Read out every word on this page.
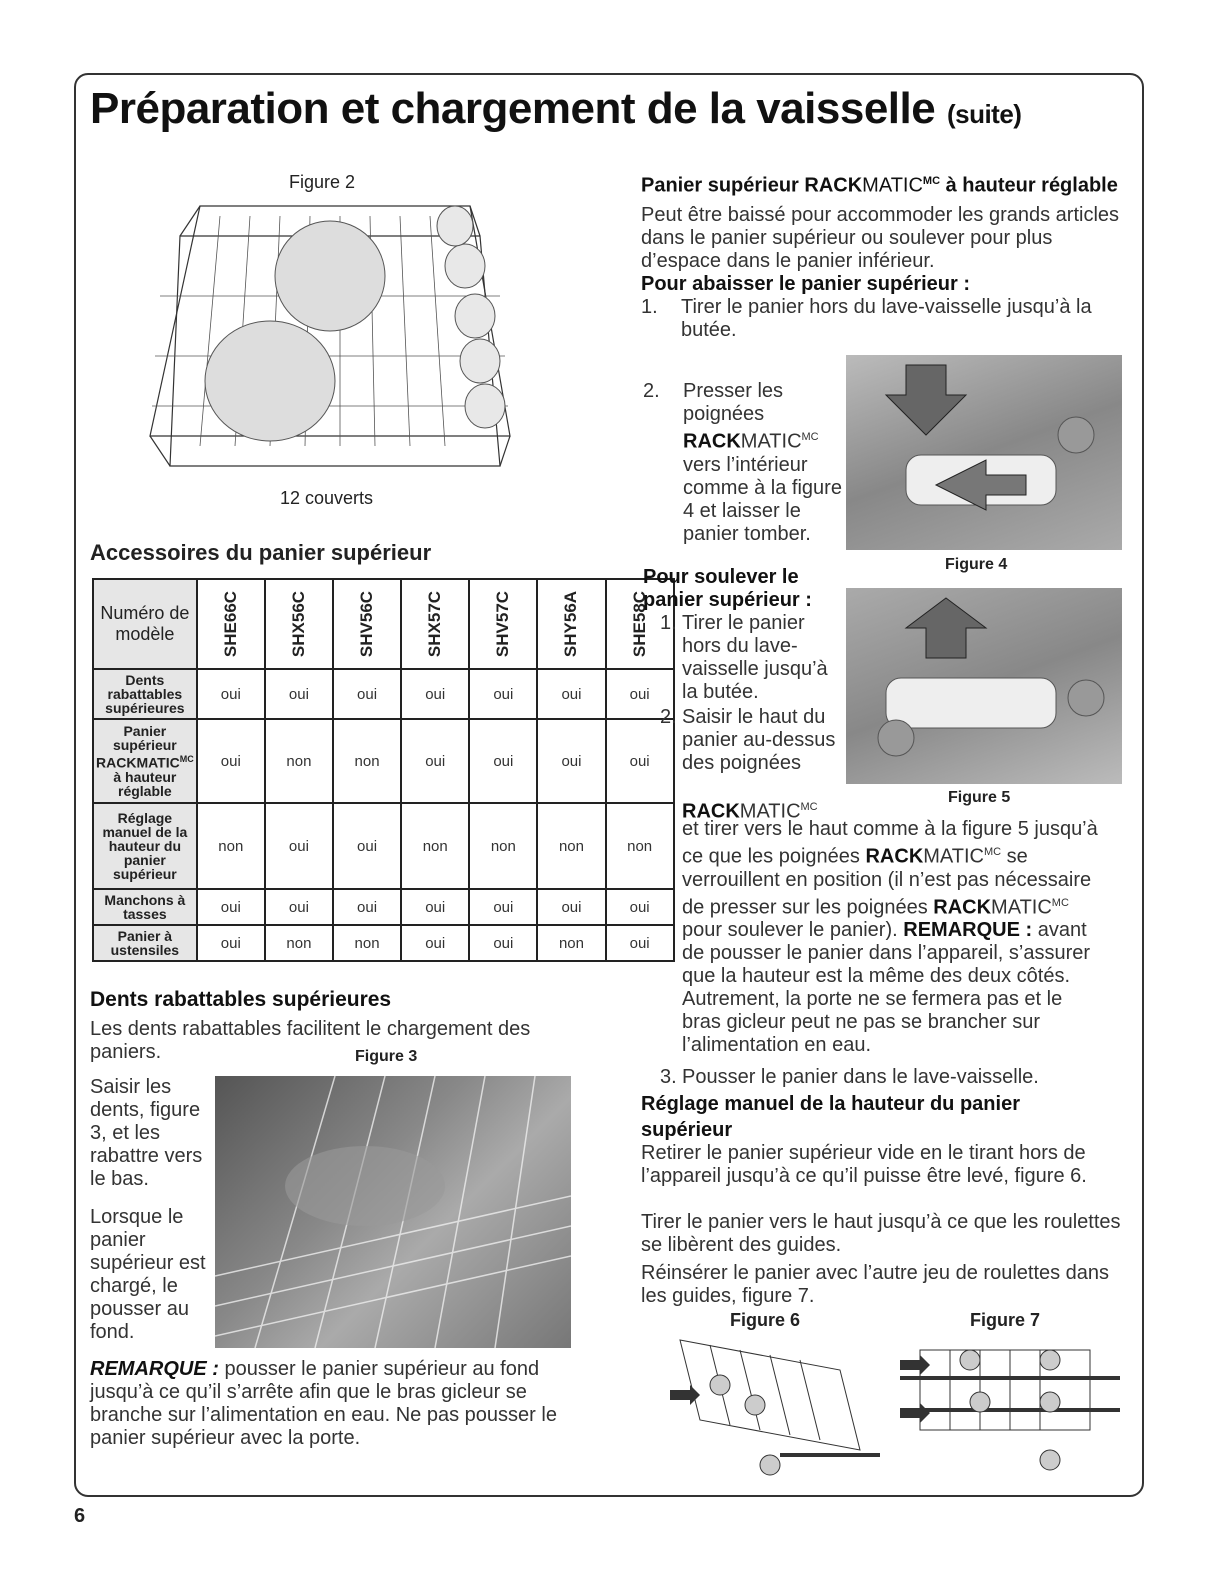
Préparation et chargement de la vaisselle (suite)
Figure 2
12 couverts
Accessoires du panier supérieur
Numéro de modèle	SHE66C	SHX56C	SHV56C	SHX57C	SHV57C	SHY56A	SHE58C
Dents rabattables supérieures	oui	oui	oui	oui	oui	oui	oui
Panier supérieur $RACKMATIC^{MC}$ à hauteur réglable	oui	non	non	oui	oui	oui	oui
Réglage manuel de la hauteur du panier supérieur	non	oui	oui	non	non	non	non
Manchons à tasses	oui	oui	oui	oui	oui	oui	oui
Panier à ustensiles	oui	non	non	oui	oui	non	oui
Dents rabattables supérieures
Les dents rabattables facilitent le chargement des paniers.	Figure 3
Saisir les dents, figure 3, et les rabattre vers le bas.
Lorsque le panier supérieur est chargé, le pousser au fond.
REMARQUE : pousser le panier supérieur au fond jusqu’à ce qu’il s’arrête afin que le bras gicleur se branche sur l’alimentation en eau. Ne pas pousser le panier supérieur avec la porte.

Panier supérieur $RACKMATIC^{MC}$ à hauteur réglable

Peut être baissé pour accommoder les grands articles dans le panier supérieur ou soulever pour plus d’espace dans le panier inférieur.

Pour abaisser le panier supérieur :

1. Tirer le panier hors du lave-vaisselle jusqu’à la butée.
2.	Presser les poignées
$RACKMATIC^{MC}$
vers l’intérieur comme à la figure 4 et laisser le panier tomber.
Figure 4
Pour soulever le panier supérieur :
1. Tirer le panier hors du lave-vaisselle jusqu’à la butée.
2. Saisir le haut du panier au-dessus des poignées
$RACKMATIC^{MC}$
Figure 5
et tirer vers le haut comme à la figure 5 jusqu’à ce que les poignées $RACKMATIC^{MC}$ se verrouillent en position (il n’est pas nécessaire de presser sur les poignées $RACKMATIC^{MC}$ pour soulever le panier). REMARQUE : avant de pousser le panier dans l’appareil, s’assurer que la hauteur est la même des deux côtés. Autrement, la porte ne se fermera pas et le bras gicleur peut ne pas se brancher sur l’alimentation en eau.
3. Pousser le panier dans le lave-vaisselle.
Réglage manuel de la hauteur du panier supérieur
Retirer le panier supérieur vide en le tirant hors de l’appareil jusqu’à ce qu’il puisse être levé, figure 6.
Tirer le panier vers le haut jusqu’à ce que les roulettes se libèrent des guides.
Réinsérer le panier avec l’autre jeu de roulettes dans les guides, figure 7.
Figure 6	Figure 7
6
